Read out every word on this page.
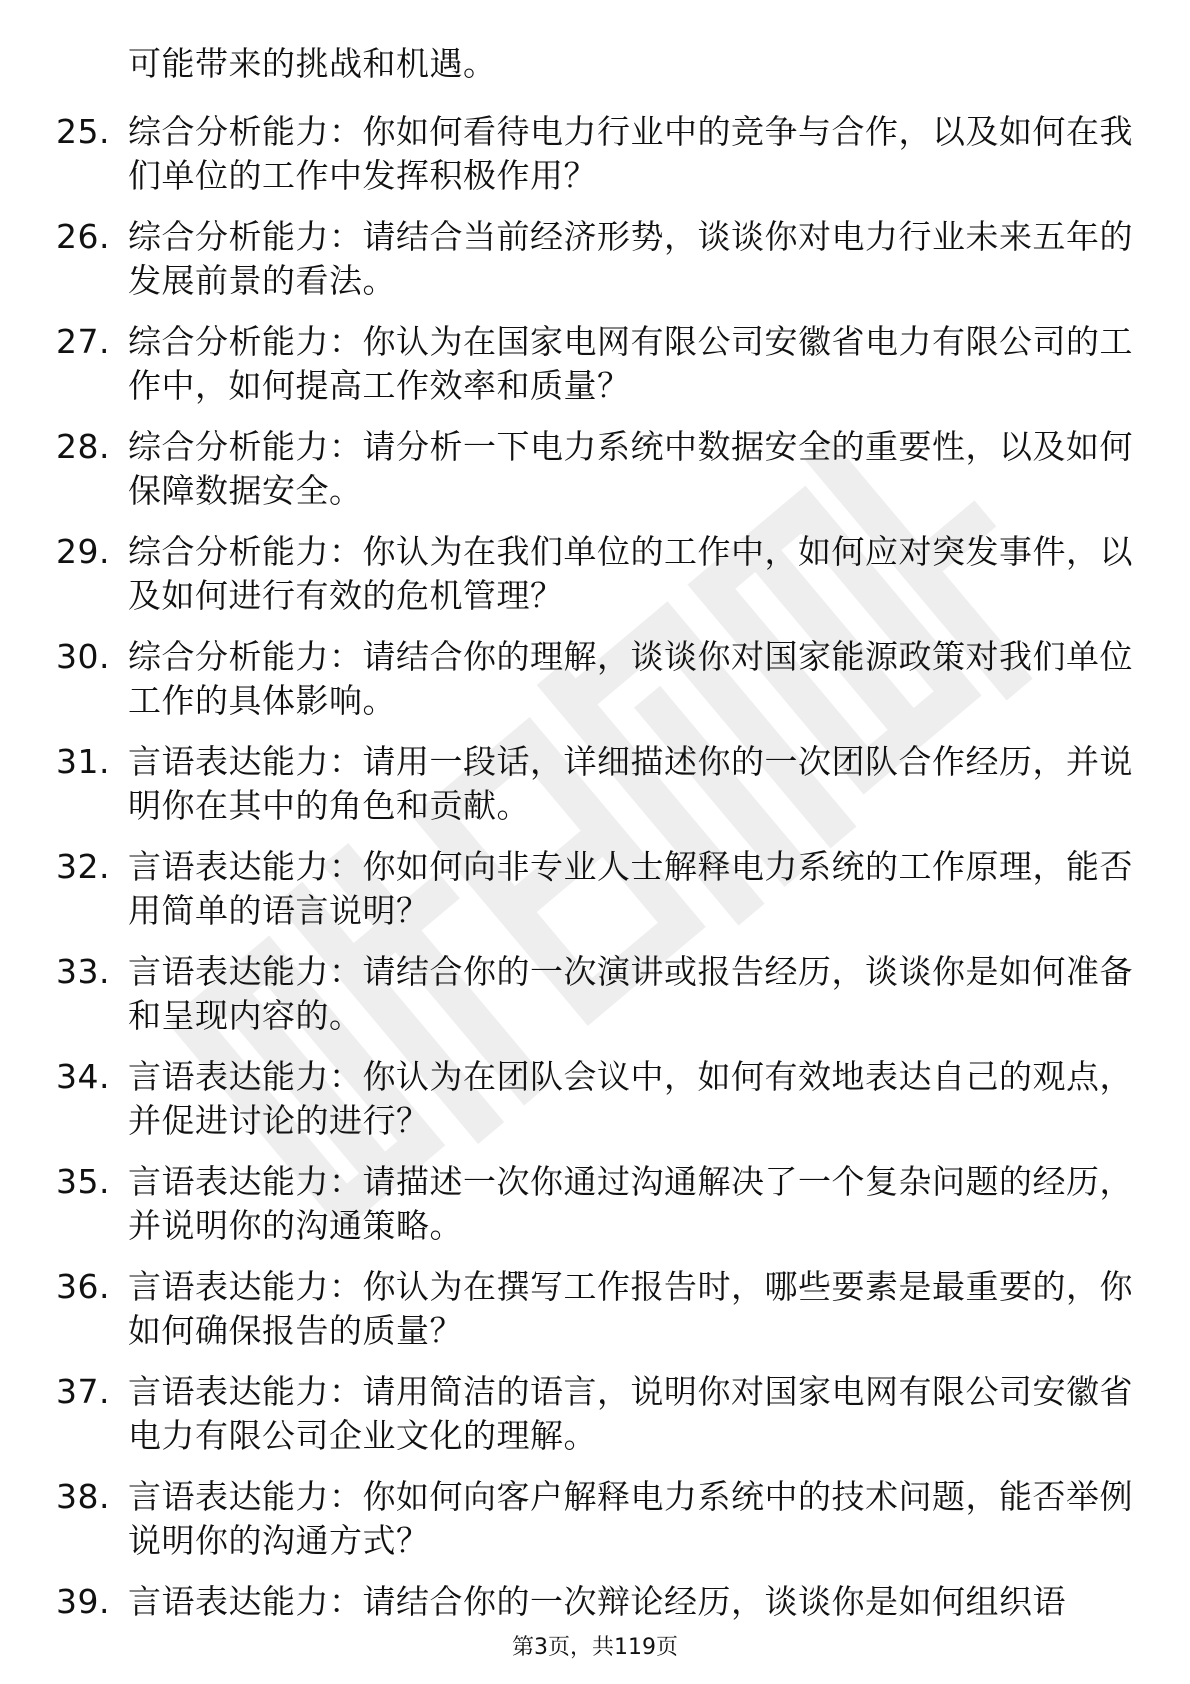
可能带来的挑战和机遇。
25. 综合分析能力：你如何看待电力行业中的竞争与合作，以及如何在我们单位的工作中发挥积极作用？
26. 综合分析能力：请结合当前经济形势，谈谈你对电力行业未来五年的发展前景的看法。
27. 综合分析能力：你认为在国家电网有限公司安徽省电力有限公司的工作中，如何提高工作效率和质量？
28. 综合分析能力：请分析一下电力系统中数据安全的重要性，以及如何保障数据安全。
29. 综合分析能力：你认为在我们单位的工作中，如何应对突发事件，以及如何进行有效的危机管理？
30. 综合分析能力：请结合你的理解，谈谈你对国家能源政策对我们单位工作的具体影响。
31. 言语表达能力：请用一段话，详细描述你的一次团队合作经历，并说明你在其中的角色和贡献。
32. 言语表达能力：你如何向非专业人士解释电力系统的工作原理，能否用简单的语言说明？
33. 言语表达能力：请结合你的一次演讲或报告经历，谈谈你是如何准备和呈现内容的。
34. 言语表达能力：你认为在团队会议中，如何有效地表达自己的观点，并促进讨论的进行？
35. 言语表达能力：请描述一次你通过沟通解决了一个复杂问题的经历，并说明你的沟通策略。
36. 言语表达能力：你认为在撰写工作报告时，哪些要素是最重要的，你如何确保报告的质量？
37. 言语表达能力：请用简洁的语言，说明你对国家电网有限公司安徽省电力有限公司企业文化的理解。
38. 言语表达能力：你如何向客户解释电力系统中的技术问题，能否举例说明你的沟通方式？
39. 言语表达能力：请结合你的一次辩论经历，谈谈你是如何组织语
第3页，共119页
